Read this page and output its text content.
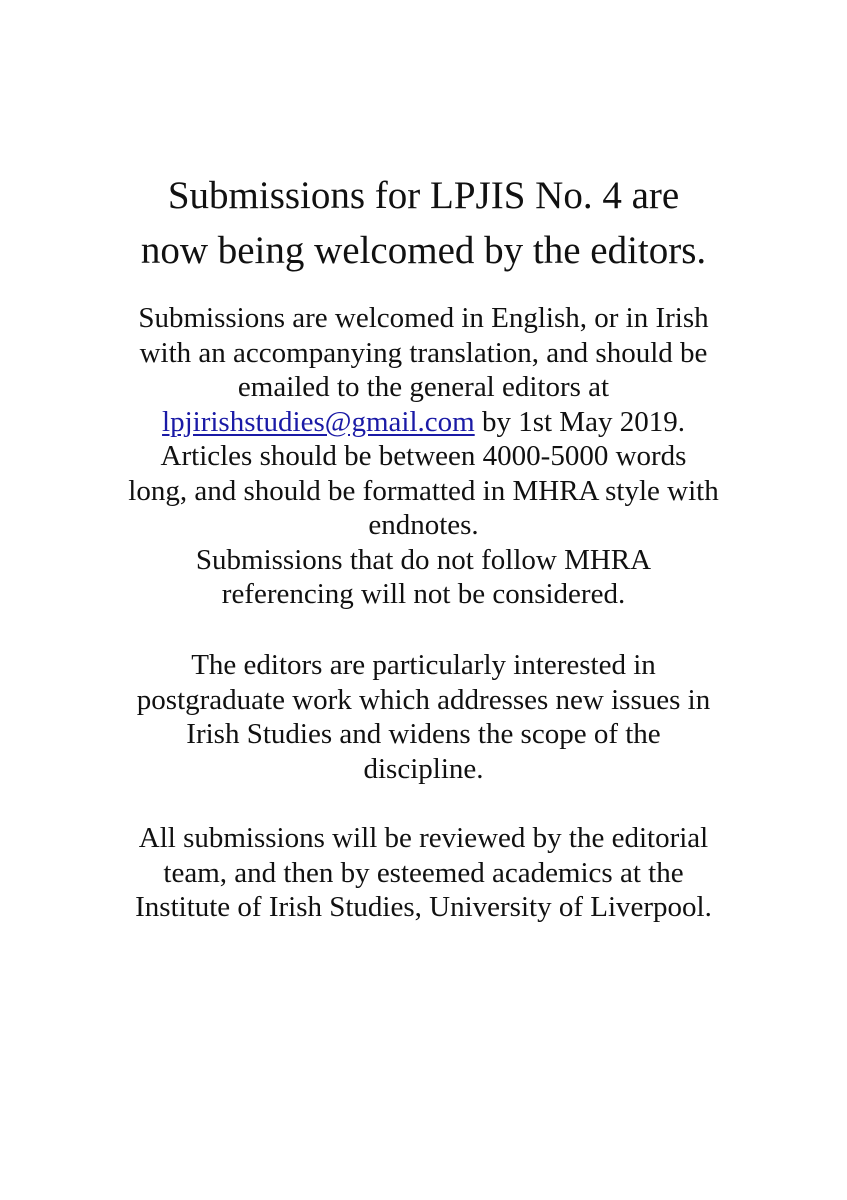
Submissions for LPJIS No. 4 are
now being welcomed by the editors.

Submissions are welcomed in English, or in Irish
with an accompanying translation, and should be
emailed to the general editors at
lpjirishstudies@gmail.com by 1st May 2019.
Articles should be between 4000-5000 words
long, and should be formatted in MHRA style with
endnotes.
Submissions that do not follow MHRA
referencing will not be considered.

The editors are particularly interested in
postgraduate work which addresses new issues in
Irish Studies and widens the scope of the
discipline.

All submissions will be reviewed by the editorial
team, and then by esteemed academics at the
Institute of Irish Studies, University of Liverpool.
